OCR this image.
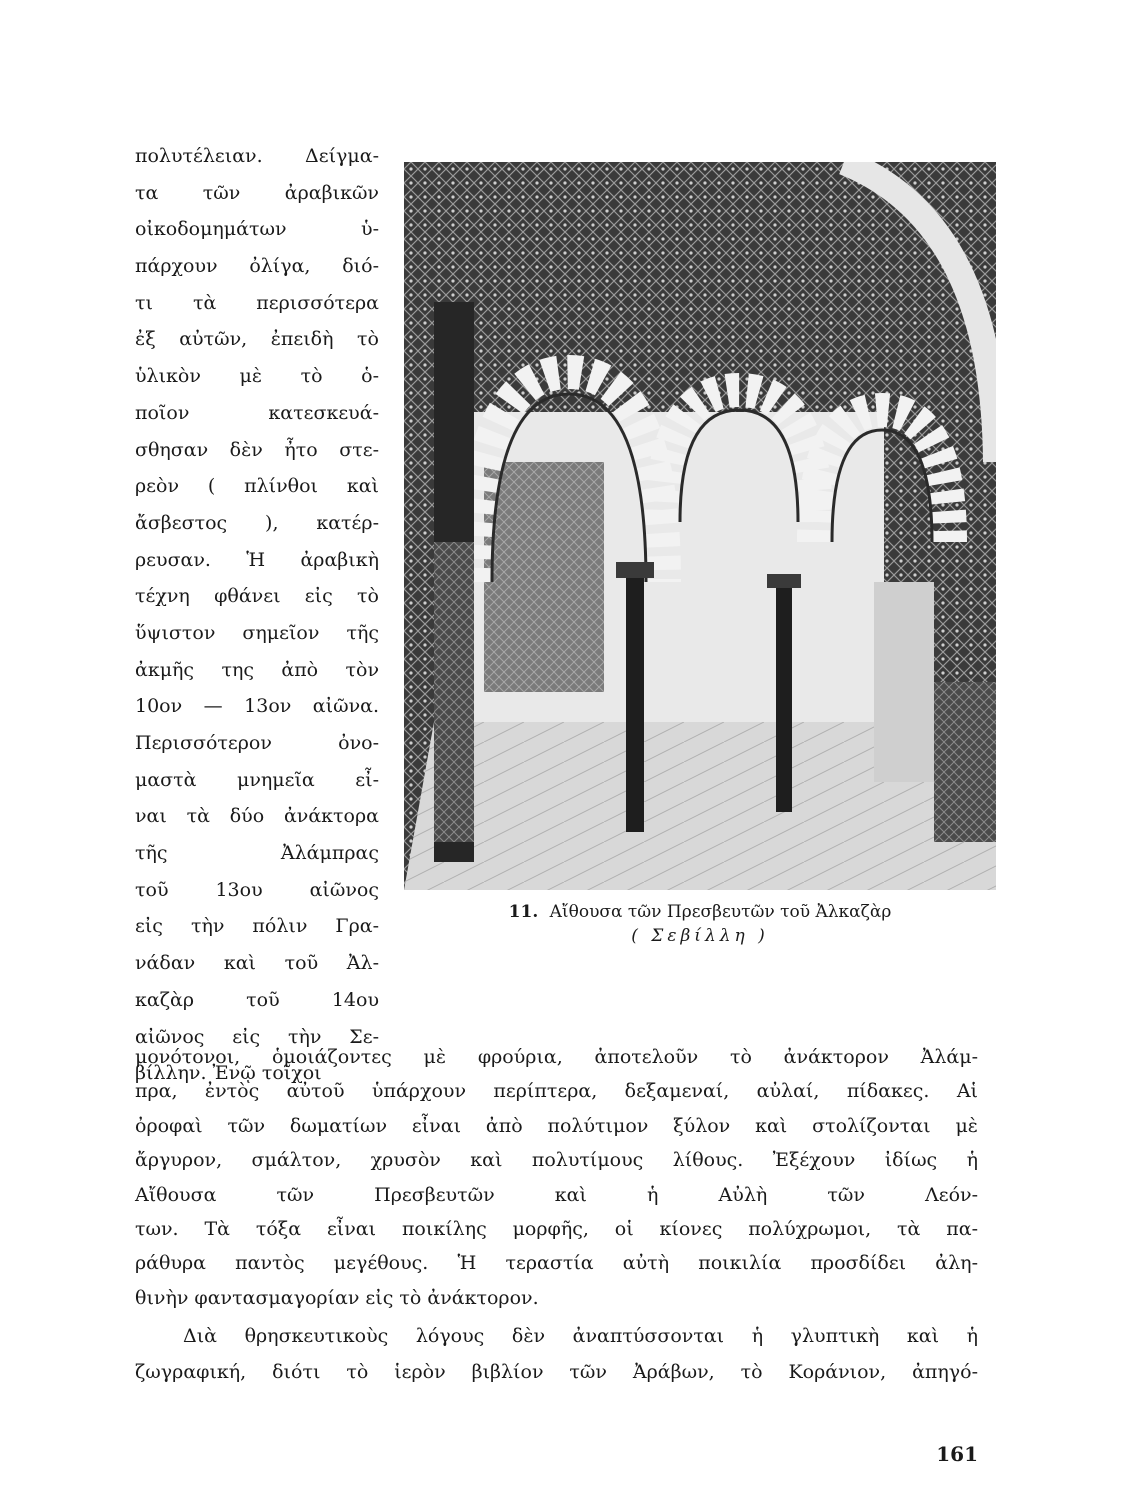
πολυτέλειαν. Δείγμα-
τα τῶν ἀραβικῶν
οἰκοδομημάτων ὑ-
πάρχουν ὀλίγα, διό-
τι τὰ περισσότερα
ἐξ αὐτῶν, ἐπειδὴ τὸ
ὑλικὸν μὲ τὸ ὁ-
ποῖον κατεσκευά-
σθησαν δὲν ἦτο στε-
ρεὸν ( πλίνθοι καὶ
ἄσβεστος ), κατέρ-
ρευσαν. Ἡ ἀραβικὴ
τέχνη φθάνει εἰς τὸ
ὕψιστον σημεῖον τῆς
ἀκμῆς της ἀπὸ τὸν
10ον — 13ον αἰῶνα.
Περισσότερον ὀνο-
μαστὰ μνημεῖα εἶ-
ναι τὰ δύο ἀνάκτορα
τῆς Ἀλάμπρας
τοῦ 13ου αἰῶνος
εἰς τὴν πόλιν Γρα-
νάδαν καὶ τοῦ Ἀλ-
καζὰρ τοῦ 14ου
αἰῶνος εἰς τὴν Σε-
βίλλην. Ἐνῷ τοῖχοι
11. Αἴθουσα τῶν Πρεσβευτῶν τοῦ Ἀλκαζὰρ
( Σεβίλλη )
μονότονοι, ὁμοιάζοντες μὲ φρούρια, ἀποτελοῦν τὸ ἀνάκτορον Ἀλάμ-
πρα, ἐντὸς αὐτοῦ ὑπάρχουν περίπτερα, δεξαμεναί, αὐλαί, πίδακες. Αἱ
ὀροφαὶ τῶν δωματίων εἶναι ἀπὸ πολύτιμον ξύλον καὶ στολίζονται μὲ
ἄργυρον, σμάλτον, χρυσὸν καὶ πολυτίμους λίθους. Ἐξέχουν ἰδίως ἡ
Αἴθουσα τῶν Πρεσβευτῶν καὶ ἡ Αὐλὴ τῶν Λεόν-
των. Τὰ τόξα εἶναι ποικίλης μορφῆς, οἱ κίονες πολύχρωμοι, τὰ πα-
ράθυρα παντὸς μεγέθους. Ἡ τεραστία αὐτὴ ποικιλία προσδίδει ἀλη-
θινὴν φαντασμαγορίαν εἰς τὸ ἀνάκτορον.
Διὰ θρησκευτικοὺς λόγους δὲν ἀναπτύσσονται ἡ γλυπτικὴ καὶ ἡ
ζωγραφική, διότι τὸ ἱερὸν βιβλίον τῶν Ἀράβων, τὸ Κοράνιον, ἀπηγό-
161
